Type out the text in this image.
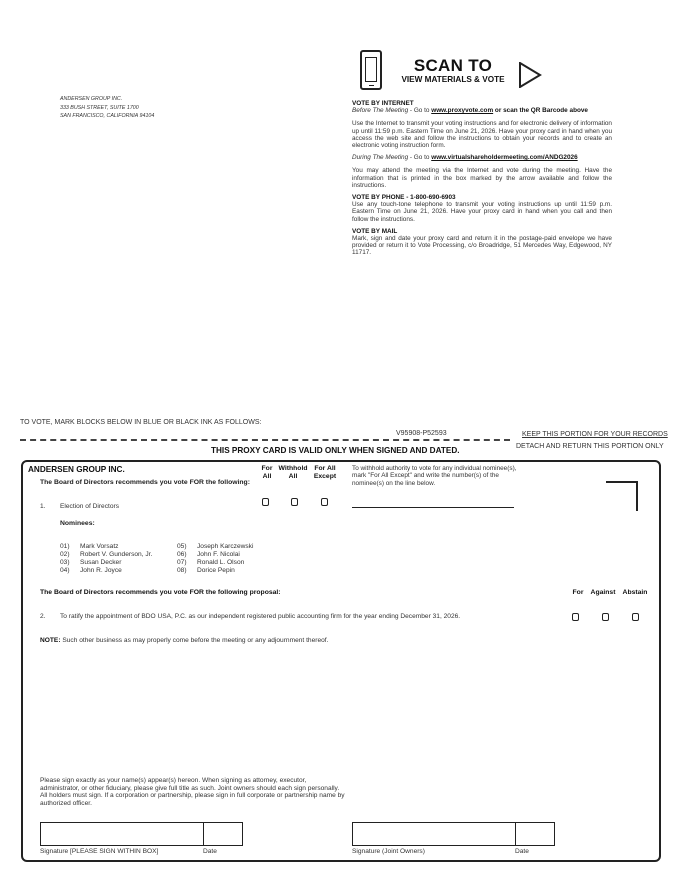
ANDERSEN GROUP INC.
333 BUSH STREET, SUITE 1700
SAN FRANCISCO, CALIFORNIA 94104
SCAN TO
VIEW MATERIALS & VOTE
VOTE BY INTERNET

Before The Meeting - Go to www.proxyvote.com or scan the QR Barcode above

Use the Internet to transmit your voting instructions and for electronic delivery of information up until 11:59 p.m. Eastern Time on June 21, 2026. Have your proxy card in hand when you access the web site and follow the instructions to obtain your records and to create an electronic voting instruction form.

During The Meeting - Go to www.virtualshareholdermeeting.com/ANDG2026

You may attend the meeting via the Internet and vote during the meeting. Have the information that is printed in the box marked by the arrow available and follow the instructions.

VOTE BY PHONE - 1-800-690-6903

Use any touch-tone telephone to transmit your voting instructions up until 11:59 p.m. Eastern Time on June 21, 2026. Have your proxy card in hand when you call and then follow the instructions.

VOTE BY MAIL

Mark, sign and date your proxy card and return it in the postage-paid envelope we have provided or return it to Vote Processing, c/o Broadridge, 51 Mercedes Way, Edgewood, NY 11717.

TO VOTE, MARK BLOCKS BELOW IN BLUE OR BLACK INK AS FOLLOWS:
V95908-P52593	KEEP THIS PORTION FOR YOUR RECORDS
DETACH AND RETURN THIS PORTION ONLY
THIS PROXY CARD IS VALID ONLY WHEN SIGNED AND DATED.
ANDERSEN GROUP INC.
The Board of Directors recommends you vote FOR the following:
For
All
Withhold
All
For All
Except
To withhold authority to vote for any individual nominee(s), mark "For All Except" and write the number(s) of the nominee(s) on the line below.
1. Election of Directors
Nominees:
01) Mark Vorsatz
02) Robert V. Gunderson, Jr.
03) Susan Decker
04) John R. Joyce
05) Joseph Karczewski
06) John F. Nicolai
07) Ronald L. Olson
08) Dorice Pepin
The Board of Directors recommends you vote FOR the following proposal:	For	Against	Abstain
2. To ratify the appointment of BDO USA, P.C. as our independent registered public accounting firm for the year ending December 31, 2026.
NOTE: Such other business as may properly come before the meeting or any adjournment thereof.
Please sign exactly as your name(s) appear(s) hereon. When signing as attorney, executor, administrator, or other fiduciary, please give full title as such. Joint owners should each sign personally. All holders must sign. If a corporation or partnership, please sign in full corporate or partnership name by authorized officer.
Signature [PLEASE SIGN WITHIN BOX]	Date	Signature (Joint Owners)	Date
